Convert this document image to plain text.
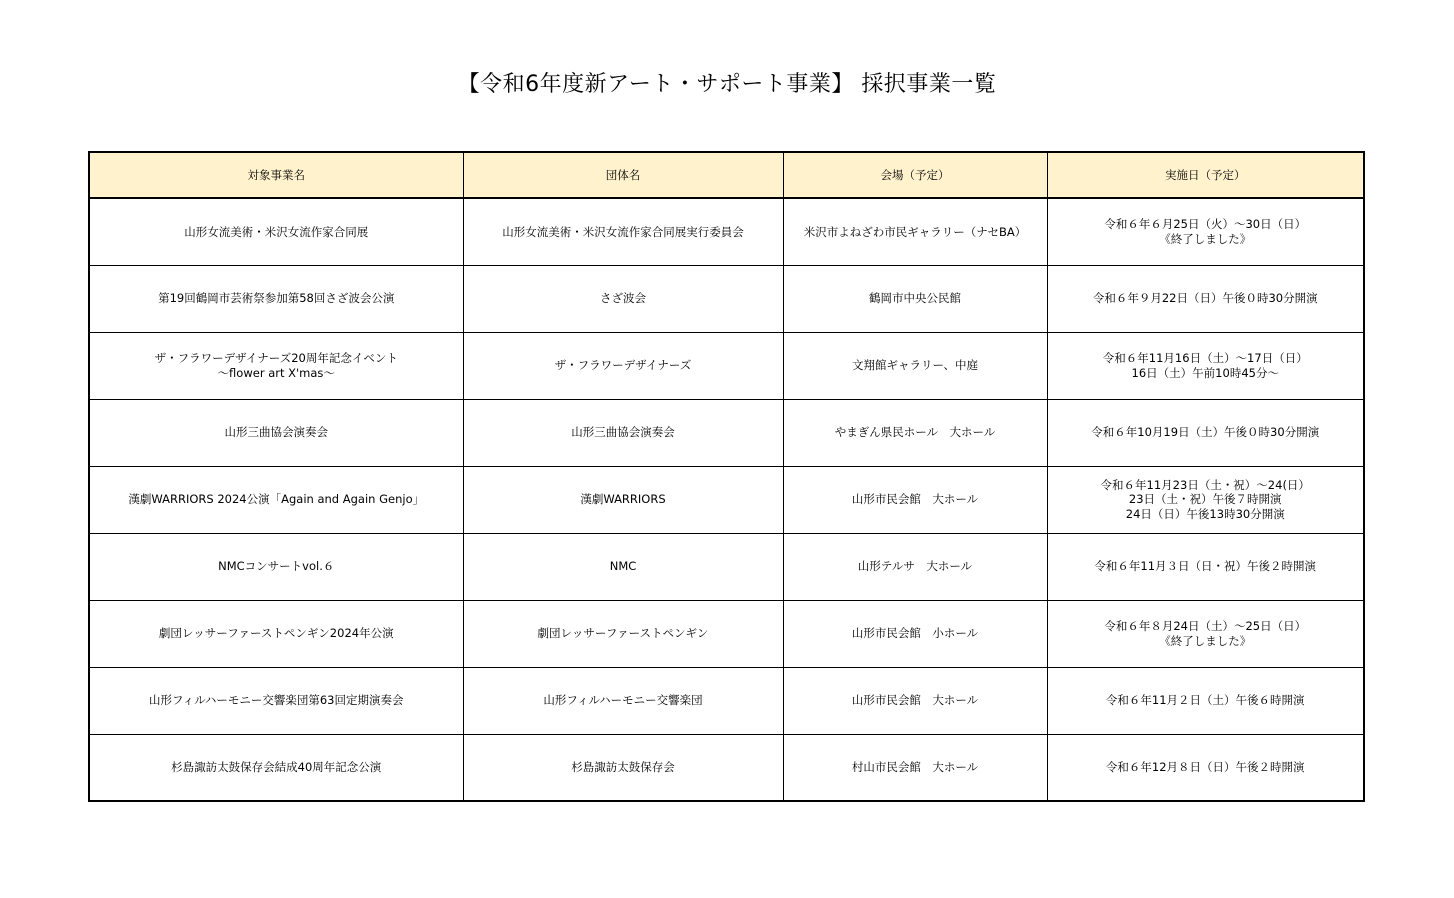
【令和6年度新アート・サポート事業】 採択事業一覧
対象事業名	団体名	会場（予定）	実施日（予定）

山形女流美術・米沢女流作家合同展	山形女流美術・米沢女流作家合同展実行委員会	米沢市よねざわ市民ギャラリー（ナセBA）	令和６年６月25日（火）～30日（日）
《終了しました》

第19回鶴岡市芸術祭参加第58回さざ波会公演	さざ波会	鶴岡市中央公民館	令和６年９月22日（日）午後０時30分開演

ザ・フラワーデザイナーズ20周年記念イベント
～flower art X'mas～	ザ・フラワーデザイナーズ	文翔館ギャラリー、中庭	令和６年11月16日（土）～17日（日）
16日（土）午前10時45分～

山形三曲協会演奏会	山形三曲協会演奏会	やまぎん県民ホール　大ホール	令和６年10月19日（土）午後０時30分開演

漢劇WARRIORS 2024公演「Again and Again Genjo」	漢劇WARRIORS	山形市民会館　大ホール	令和６年11月23日（土・祝）～24(日）
23日（土・祝）午後７時開演
24日（日）午後13時30分開演

NMCコンサートvol.６	NMC	山形テルサ　大ホール	令和６年11月３日（日・祝）午後２時開演

劇団レッサーファーストペンギン2024年公演	劇団レッサーファーストペンギン	山形市民会館　小ホール	令和６年８月24日（土）～25日（日）
《終了しました》

山形フィルハーモニー交響楽団第63回定期演奏会	山形フィルハーモニー交響楽団	山形市民会館　大ホール	令和６年11月２日（土）午後６時開演

杉島諏訪太鼓保存会結成40周年記念公演	杉島諏訪太鼓保存会	村山市民会館　大ホール	令和６年12月８日（日）午後２時開演
